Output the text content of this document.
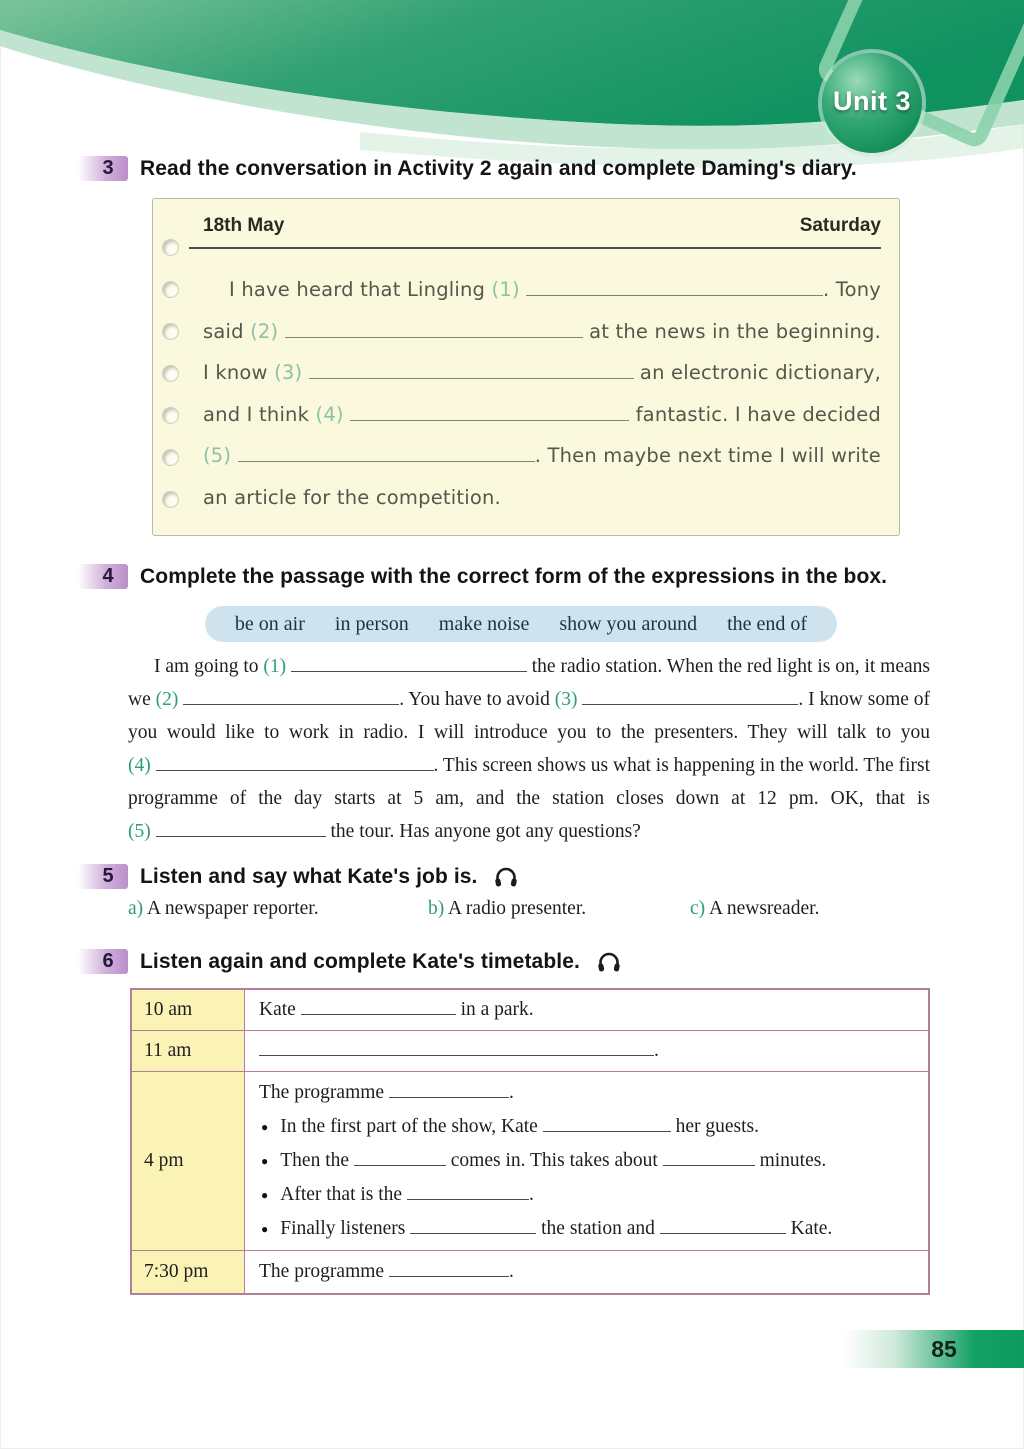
Unit 3
3	Read the conversation in Activity 2 again and complete Daming's diary.
18th May	Saturday
I have heard that Lingling (1)
	. Tony
said (2)
	at the news in the beginning.
I know (3)
	an electronic dictionary,
and I think (4)
	fantastic. I have decided
(5)
	. Then maybe next time I will write
an article for the competition.
4	Complete the passage with the correct form of the expressions in the box.
be on air in person make noise show you around the end of
I am going to (1)
	the radio station. When the red light is on, it means
we (2)
	. You have to avoid (3)
	. I know some of
you would like to work in radio. I will introduce you to the presenters. They will talk to you
(4)
	. This screen shows us what is happening in the world. The first
programme of the day starts at 5 am, and the station closes down at 12 pm. OK, that is
(5)
	the tour. Has anyone got any questions?
5	Listen and say what Kate's job is.
a) A newspaper reporter.	b) A radio presenter.	c) A newsreader.
6	Listen again and complete Kate's timetable.
10 am	Kate	in a park.
11 am	.
4 pm
The programme	.
● In the first part of the show, Kate	her guests.
● Then the	comes in. This takes about	minutes.
● After that is the	.
● Finally listeners	the station and	Kate.
7:30 pm	The programme	.
85
